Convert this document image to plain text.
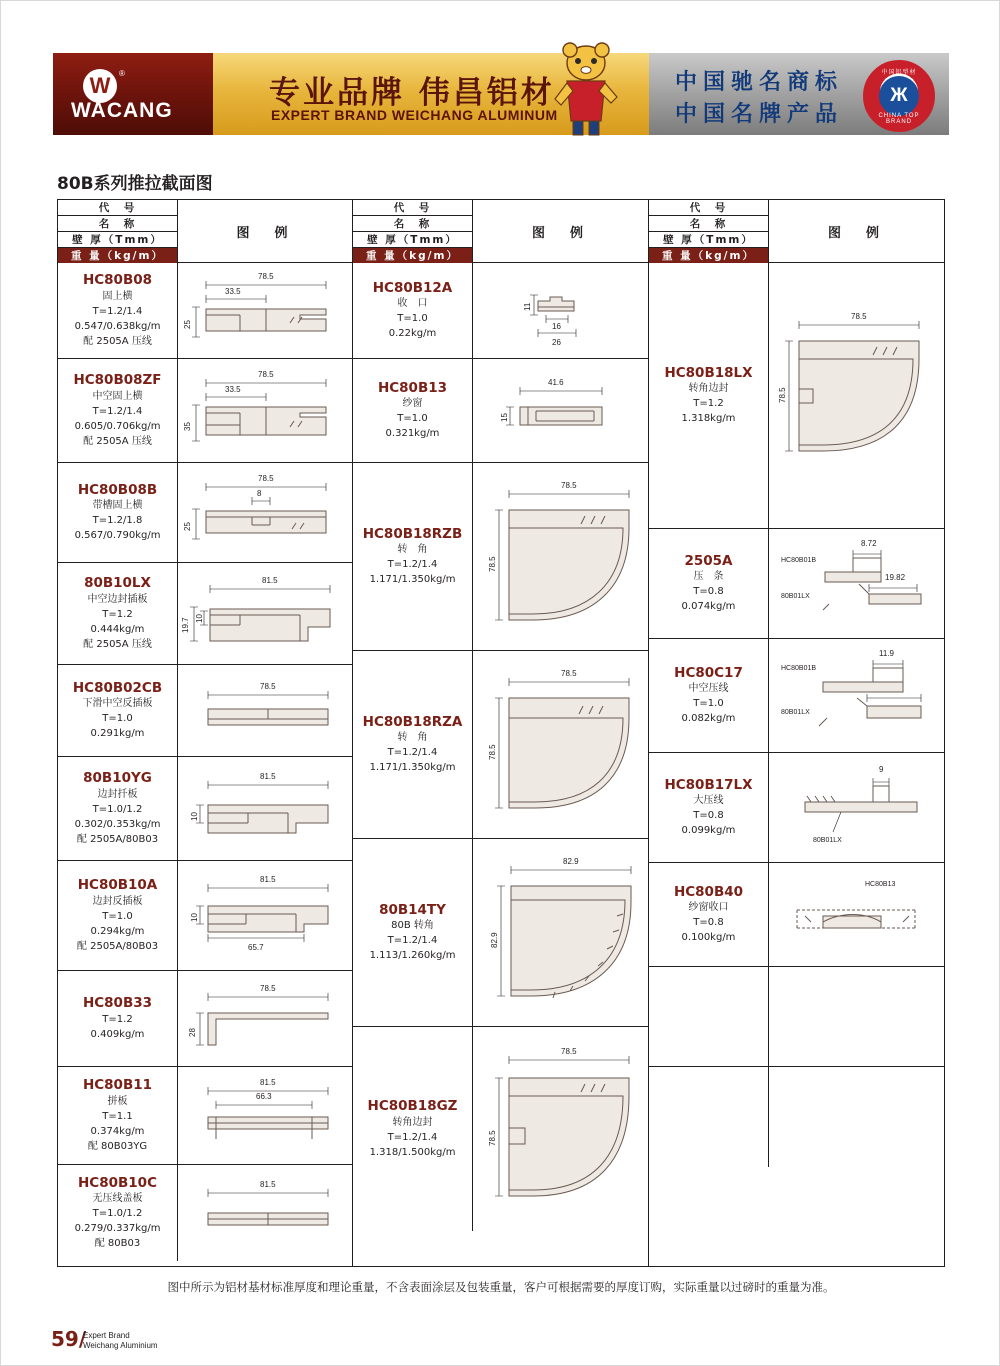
W ®
WACANG	专业品牌 伟昌铝材
EXPERT BRAND WEICHANG ALUMINUM
中国驰名商标
中国名牌产品
中国铝型材
Ж
CHINA TOP BRAND
80B系列推拉截面图
代　号
名　称
壁 厚（Tmm）
重 量（kg/m）
图　例
HC80B08
固上横
T=1.2/1.4
0.547/0.638kg/m
配 2505A 压线
78.5
33.5
25
HC80B08ZF
中空固上横
T=1.2/1.4
0.605/0.706kg/m
配 2505A 压线
78.5
33.5
35
HC80B08B
带槽固上横
T=1.2/1.8
0.567/0.790kg/m
78.5
8
25
80B10LX
中空边封插板
T=1.2
0.444kg/m
配 2505A 压线
81.5
19.7 10
HC80B02CB
下滑中空反插板
T=1.0
0.291kg/m
78.5
80B10YG
边封扦板
T=1.0/1.2
0.302/0.353kg/m
配 2505A/80B03
81.5
10
HC80B10A
边封反插板
T=1.0
0.294kg/m
配 2505A/80B03
81.5
10
65.7
HC80B33
T=1.2
0.409kg/m
78.5
28
HC80B11
拼板
T=1.1
0.374kg/m
配 80B03YG
81.5
66.3
HC80B10C
无压线盖板
T=1.0/1.2
0.279/0.337kg/m
配 80B03
81.5
代　号
名　称
壁 厚（Tmm）
重 量（kg/m）
图　例
HC80B12A
收　口
T=1.0
0.22kg/m
11
16
26
HC80B13
纱窗
T=1.0
0.321kg/m
41.6
15
HC80B18RZB
转　角
T=1.2/1.4
1.171/1.350kg/m
78.5
78.5
HC80B18RZA
转　角
T=1.2/1.4
1.171/1.350kg/m
78.5
78.5
80B14TY
80B 转角
T=1.2/1.4
1.113/1.260kg/m
82.9
82.9
HC80B18GZ
转角边封
T=1.2/1.4
1.318/1.500kg/m
78.5
78.5
代　号
名　称
壁 厚（Tmm）
重 量（kg/m）
图　例
HC80B18LX
转角边封
T=1.2
1.318kg/m
78.5
78.5
2505A
压　条
T=0.8
0.074kg/m
8.72
HC80B01B
19.82
80B01LX
HC80C17
中空压线
T=1.0
0.082kg/m
11.9
HC80B01B
80B01LX
HC80B17LX
大压线
T=0.8
0.099kg/m
9
80B01LX
HC80B40
纱窗收口
T=0.8
0.100kg/m
HC80B13
图中所示为铝材基材标准厚度和理论重量，不含表面涂层及包装重量，客户可根据需要的厚度订购，实际重量以过磅时的重量为准。
59/
Expert Brand
Weichang Aluminium
